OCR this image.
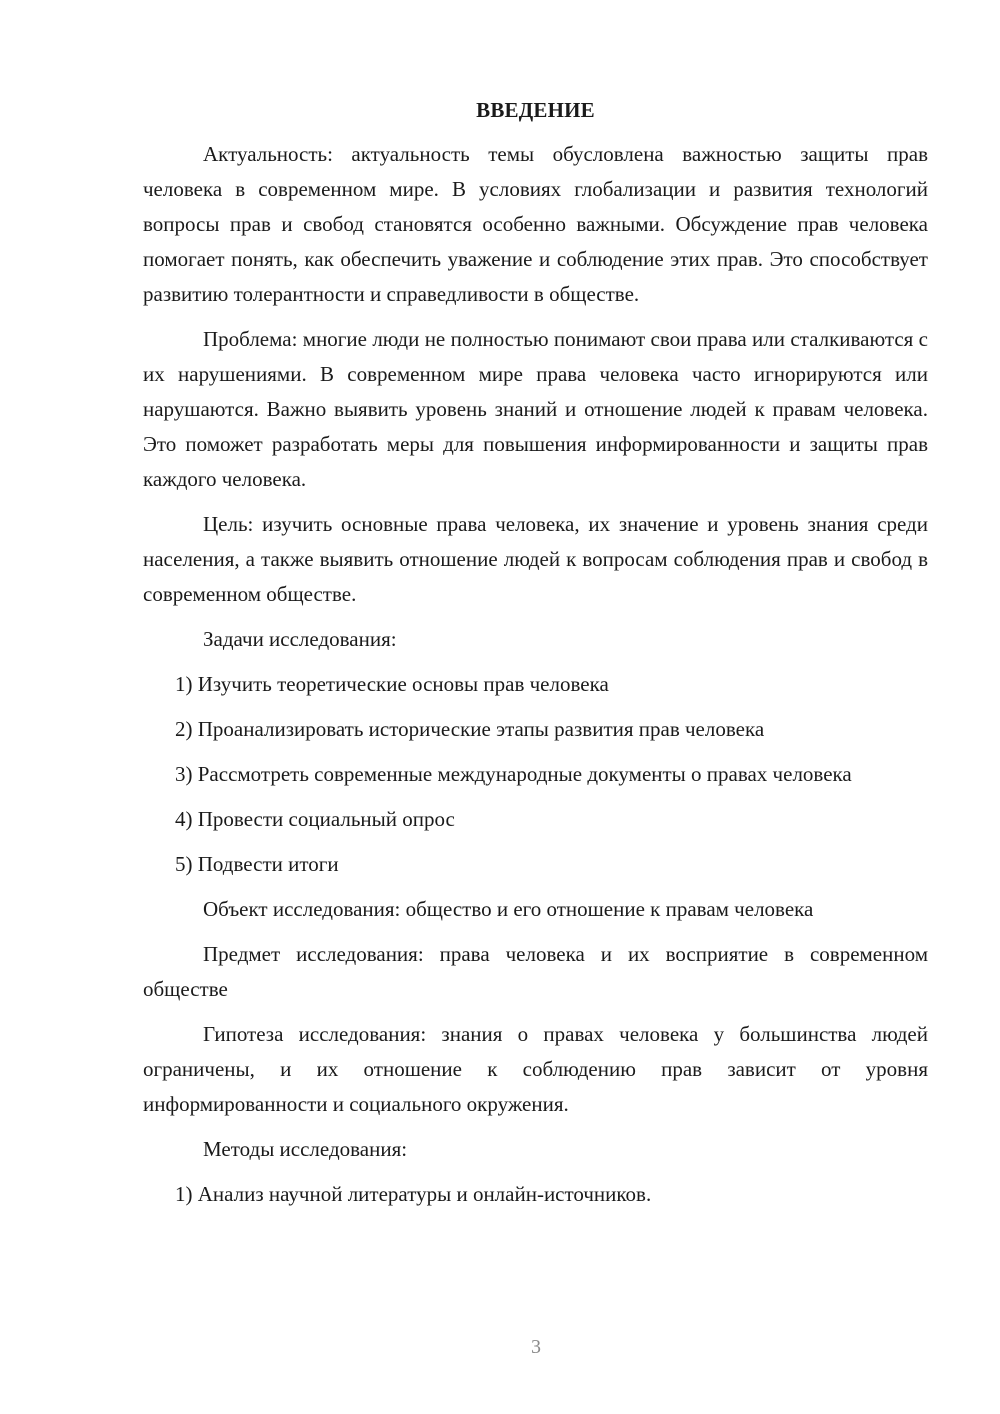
ВВЕДЕНИЕ

Актуальность: актуальность темы обусловлена важностью защиты прав человека в современном мире. В условиях глобализации и развития технологий вопросы прав и свобод становятся особенно важными. Обсуждение прав человека помогает понять, как обеспечить уважение и соблюдение этих прав. Это способствует развитию толерантности и справедливости в обществе.

Проблема: многие люди не полностью понимают свои права или сталкиваются с их нарушениями. В современном мире права человека часто игнорируются или нарушаются. Важно выявить уровень знаний и отношение людей к правам человека. Это поможет разработать меры для повышения информированности и защиты прав каждого человека.

Цель: изучить основные права человека, их значение и уровень знания среди населения, а также выявить отношение людей к вопросам соблюдения прав и свобод в современном обществе.

Задачи исследования:
1) Изучить теоретические основы прав человека
2) Проанализировать исторические этапы развития прав человека
3) Рассмотреть современные международные документы о правах человека
4) Провести социальный опрос
5) Подвести итоги

Объект исследования: общество и его отношение к правам человека

Предмет исследования: права человека и их восприятие в современном обществе

Гипотеза исследования: знания о правах человека у большинства людей ограничены, и их отношение к соблюдению прав зависит от уровня информированности и социального окружения.

Методы исследования:
1) Анализ научной литературы и онлайн-источников.
3
